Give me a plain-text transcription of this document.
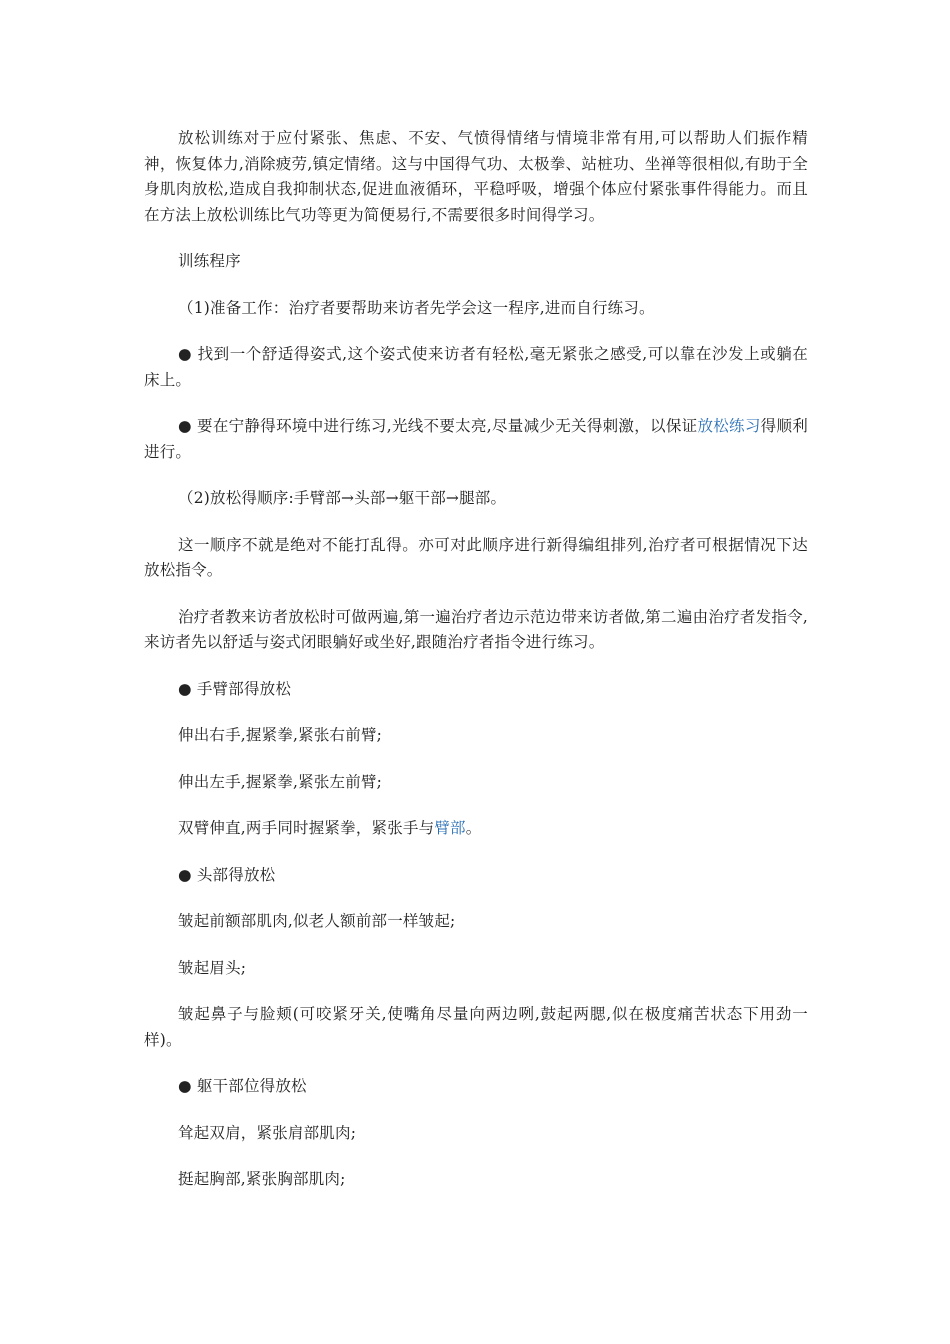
放松训练对于应付紧张、焦虑、不安、气愤得情绪与情境非常有用,可以帮助人们振作精神，恢复体力,消除疲劳,镇定情绪。这与中国得气功、太极拳、站桩功、坐禅等很相似,有助于全身肌肉放松,造成自我抑制状态,促进血液循环，平稳呼吸，增强个体应付紧张事件得能力。而且在方法上放松训练比气功等更为简便易行,不需要很多时间得学习。

训练程序

（1)准备工作：治疗者要帮助来访者先学会这一程序,进而自行练习。

● 找到一个舒适得姿式,这个姿式使来访者有轻松,毫无紧张之感受,可以靠在沙发上或躺在床上。

● 要在宁静得环境中进行练习,光线不要太亮,尽量减少无关得刺激，以保证放松练习得顺利进行。

（2)放松得顺序:手臂部→头部→躯干部→腿部。

这一顺序不就是绝对不能打乱得。亦可对此顺序进行新得编组排列,治疗者可根据情况下达放松指令。

治疗者教来访者放松时可做两遍,第一遍治疗者边示范边带来访者做,第二遍由治疗者发指令,来访者先以舒适与姿式闭眼躺好或坐好,跟随治疗者指令进行练习。

● 手臂部得放松

伸出右手,握紧拳,紧张右前臂;

伸出左手,握紧拳,紧张左前臂;

双臂伸直,两手同时握紧拳，紧张手与臂部。

● 头部得放松

皱起前额部肌肉,似老人额前部一样皱起;

皱起眉头;

皱起鼻子与脸颊(可咬紧牙关,使嘴角尽量向两边咧,鼓起两腮,似在极度痛苦状态下用劲一样)。

● 躯干部位得放松

耸起双肩，紧张肩部肌肉;

挺起胸部,紧张胸部肌肉;
